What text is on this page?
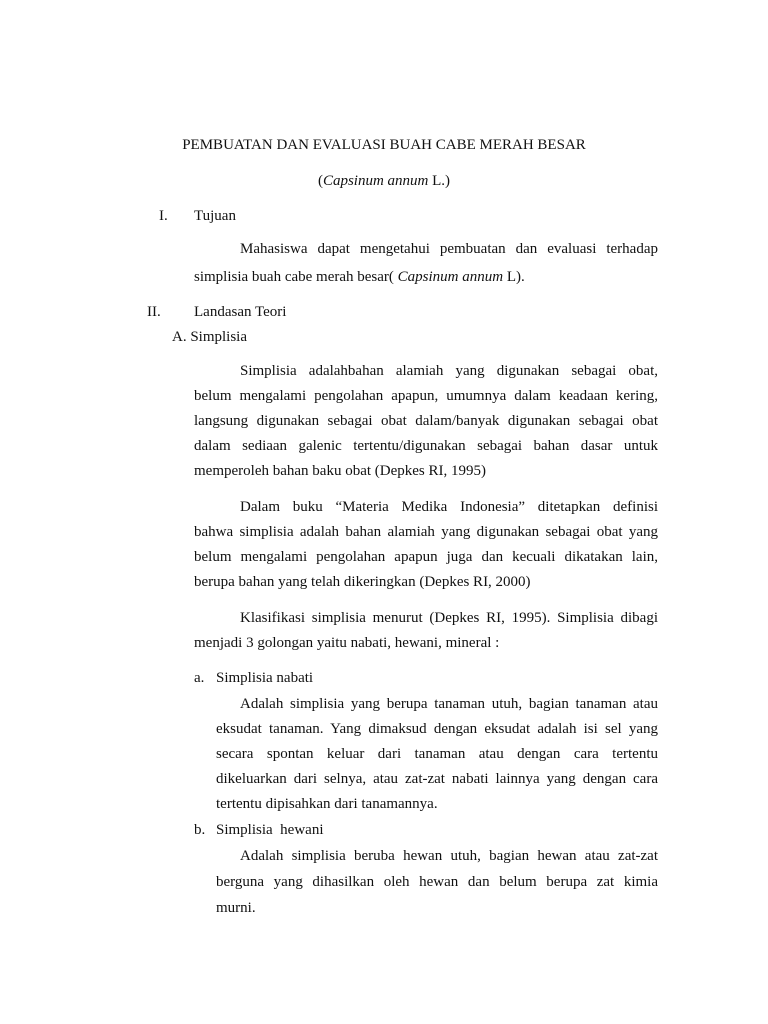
PEMBUATAN DAN EVALUASI BUAH CABE MERAH BESAR
(Capsinum annum L.)
I. Tujuan
Mahasiswa dapat mengetahui pembuatan dan evaluasi terhadap
simplisia buah cabe merah besar( Capsinum annum L).
II. Landasan Teori
A. Simplisia
Simplisia adalahbahan alamiah yang digunakan sebagai obat,
belum mengalami pengolahan apapun, umumnya dalam keadaan kering,
langsung digunakan sebagai obat dalam/banyak digunakan sebagai obat
dalam sediaan galenic tertentu/digunakan sebagai bahan dasar untuk
memperoleh bahan baku obat (Depkes RI, 1995)
Dalam buku “Materia Medika Indonesia” ditetapkan definisi
bahwa simplisia adalah bahan alamiah yang digunakan sebagai obat yang
belum mengalami pengolahan apapun juga dan kecuali dikatakan lain,
berupa bahan yang telah dikeringkan (Depkes RI, 2000)
Klasifikasi simplisia menurut (Depkes RI, 1995). Simplisia dibagi
menjadi 3 golongan yaitu nabati, hewani, mineral :
a. Simplisia nabati
Adalah simplisia yang berupa tanaman utuh, bagian tanaman atau
eksudat tanaman. Yang dimaksud dengan eksudat adalah isi sel yang
secara spontan keluar dari tanaman atau dengan cara tertentu
dikeluarkan dari selnya, atau zat-zat nabati lainnya yang dengan cara
tertentu dipisahkan dari tanamannya.
b. Simplisia  hewani
Adalah simplisia beruba hewan utuh, bagian hewan atau zat-zat
berguna yang dihasilkan oleh hewan dan belum berupa zat kimia
murni.
